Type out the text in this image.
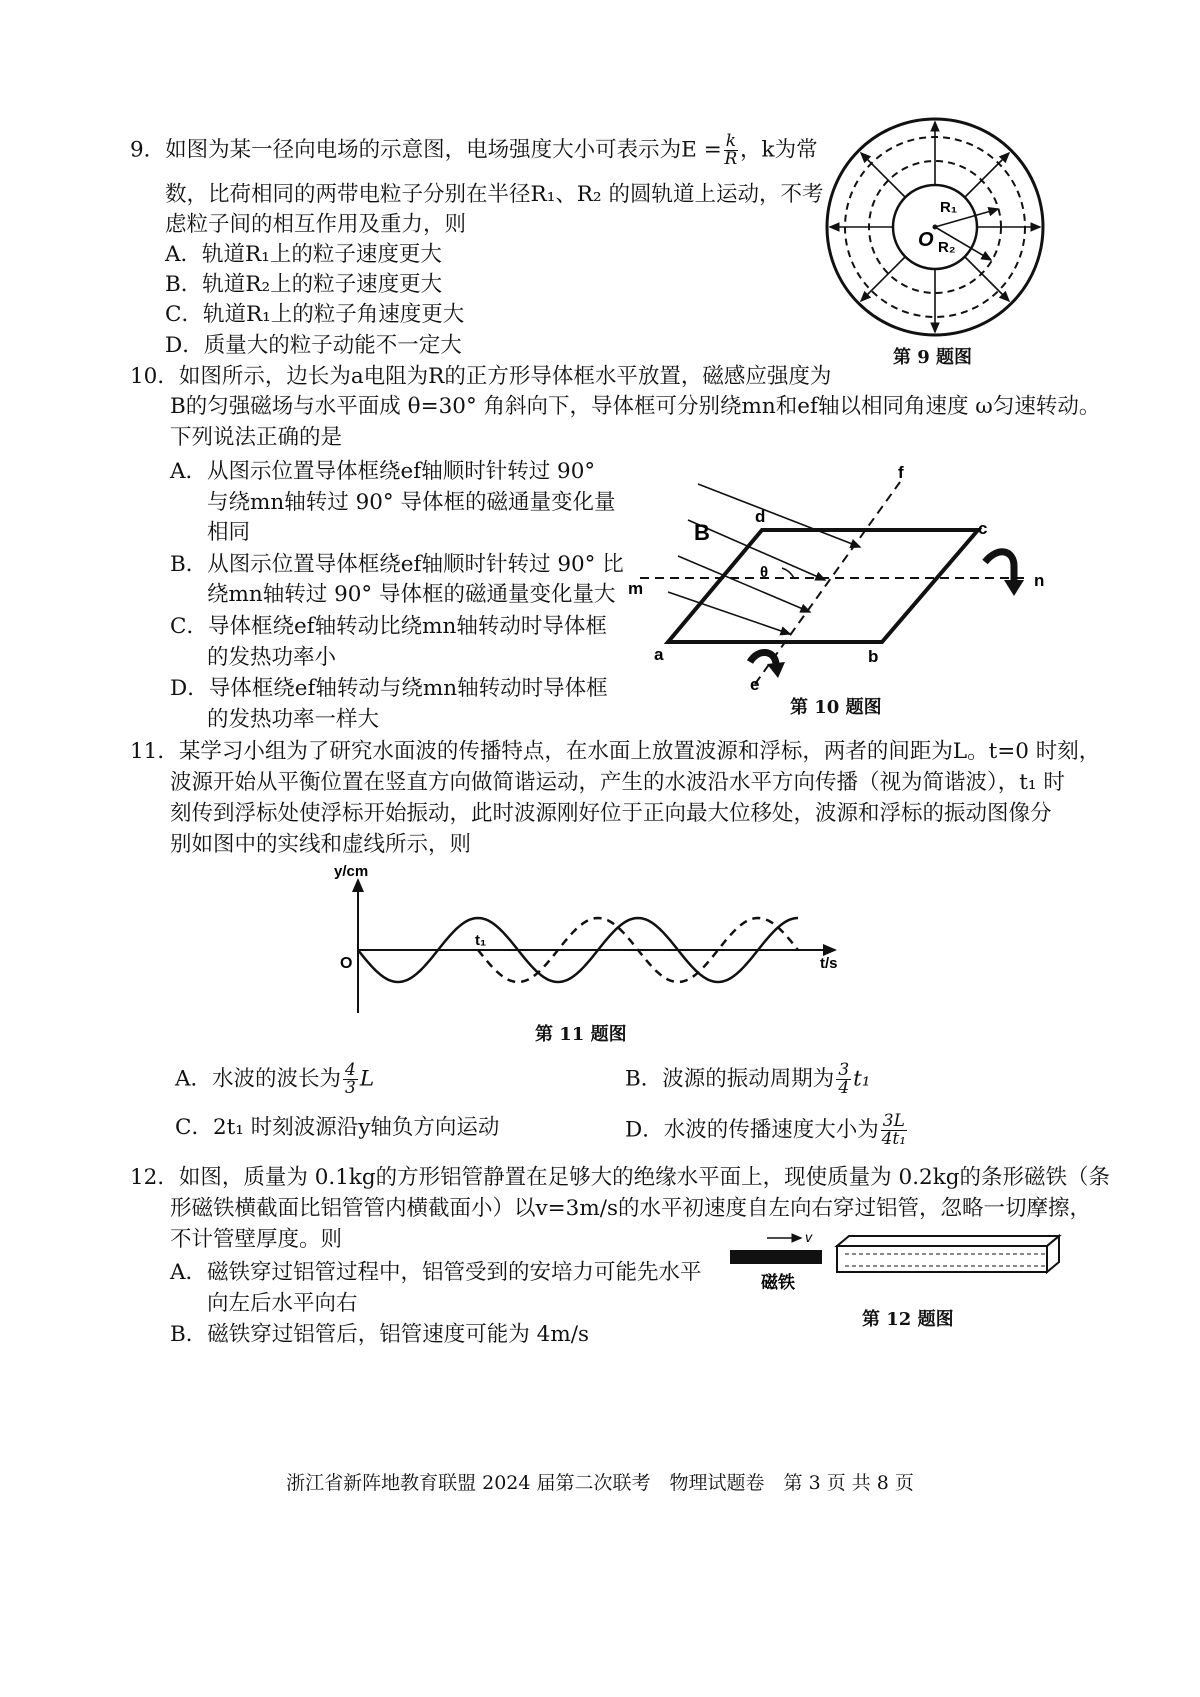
9．如图为某一径向电场的示意图，电场强度大小可表示为$E = \frac{k}{R}$ ，k为常
数，比荷相同的两带电粒子分别在半径R₁、R₂ 的圆轨道上运动，不考
虑粒子间的相互作用及重力，则
A．轨道R₁上的粒子速度更大
B．轨道R₂上的粒子速度更大
C．轨道R₁上的粒子角速度更大
D．质量大的粒子动能不一定大
O
R₁
R₂
第 9 题图
10．如图所示，边长为a电阻为R的正方形导体框水平放置，磁感应强度为
B的匀强磁场与水平面成 θ=30° 角斜向下，导体框可分别绕mn和ef轴以相同角速度 ω匀速转动。
下列说法正确的是
A．从图示位置导体框绕ef轴顺时针转过 90°
与绕mn轴转过 90° 导体框的磁通量变化量
相同
B．从图示位置导体框绕ef轴顺时针转过 90° 比
绕mn轴转过 90° 导体框的磁通量变化量大
C．导体框绕ef轴转动比绕mn轴转动时导体框
的发热功率小
D．导体框绕ef轴转动与绕mn轴转动时导体框
的发热功率一样大
B
a	b
c
d
e
f
m	n
θ
第 10 题图
11．某学习小组为了研究水面波的传播特点，在水面上放置波源和浮标，两者的间距为L。t=0 时刻，
波源开始从平衡位置在竖直方向做简谐运动，产生的水波沿水平方向传播（视为简谐波），t₁ 时
刻传到浮标处使浮标开始振动，此时波源刚好位于正向最大位移处，波源和浮标的振动图像分
别如图中的实线和虚线所示，则
y/cm
t/s
O
t₁
第 11 题图
A．水波的波长为 $\frac{4}{3}$ L	B．波源的振动周期为 $\frac{3}{4} t_1$
C．2t₁ 时刻波源沿y轴负方向运动	D．水波的传播速度大小为 $\frac{3L}{\text{4t₁}}$
12．如图，质量为 0.1kg的方形铝管静置在足够大的绝缘水平面上，现使质量为 0.2kg的条形磁铁（条
形磁铁横截面比铝管管内横截面小）以v=3m/s的水平初速度自左向右穿过铝管，忽略一切摩擦，
不计管壁厚度。则
A．磁铁穿过铝管过程中，铝管受到的安培力可能先水平
向左后水平向右
B．磁铁穿过铝管后，铝管速度可能为 4m/s
v
磁铁
第 12 题图
浙江省新阵地教育联盟 2024 届第二次联考　物理试题卷　第 3 页 共 8 页
